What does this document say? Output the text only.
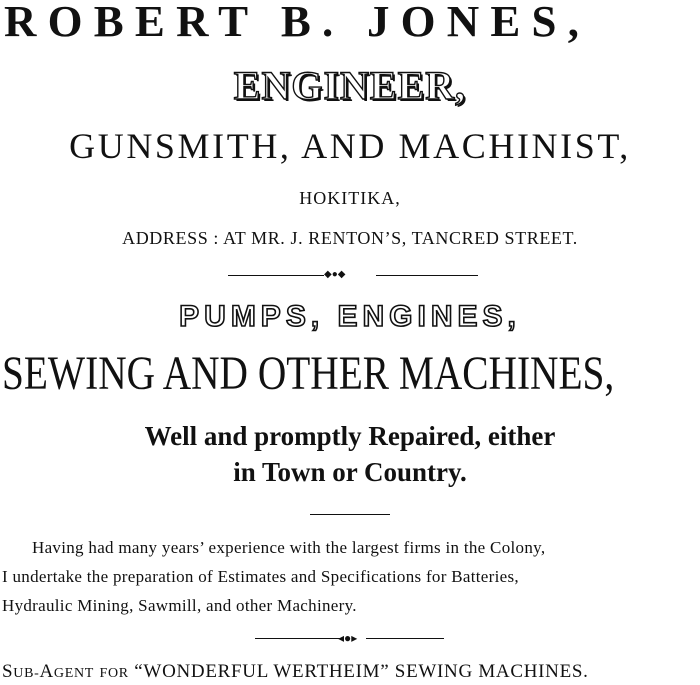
ROBERT B. JONES,
ENGINEER,
GUNSMITH, AND MACHINIST,
HOKITIKA,
ADDRESS : AT MR. J. RENTON’S, TANCRED STREET.
◆●◆
PUMPS, ENGINES,
SEWING AND OTHER MACHINES,
Well and promptly Repaired, either
in Town or Country.
Having had many years’ experience with the largest firms in the Colony,
I undertake the preparation of Estimates and Specifications for Batteries,
Hydraulic Mining, Sawmill, and other Machinery.
◂●▸
SUB-AGENT FOR “WONDERFUL WERTHEIM” SEWING MACHINES.
